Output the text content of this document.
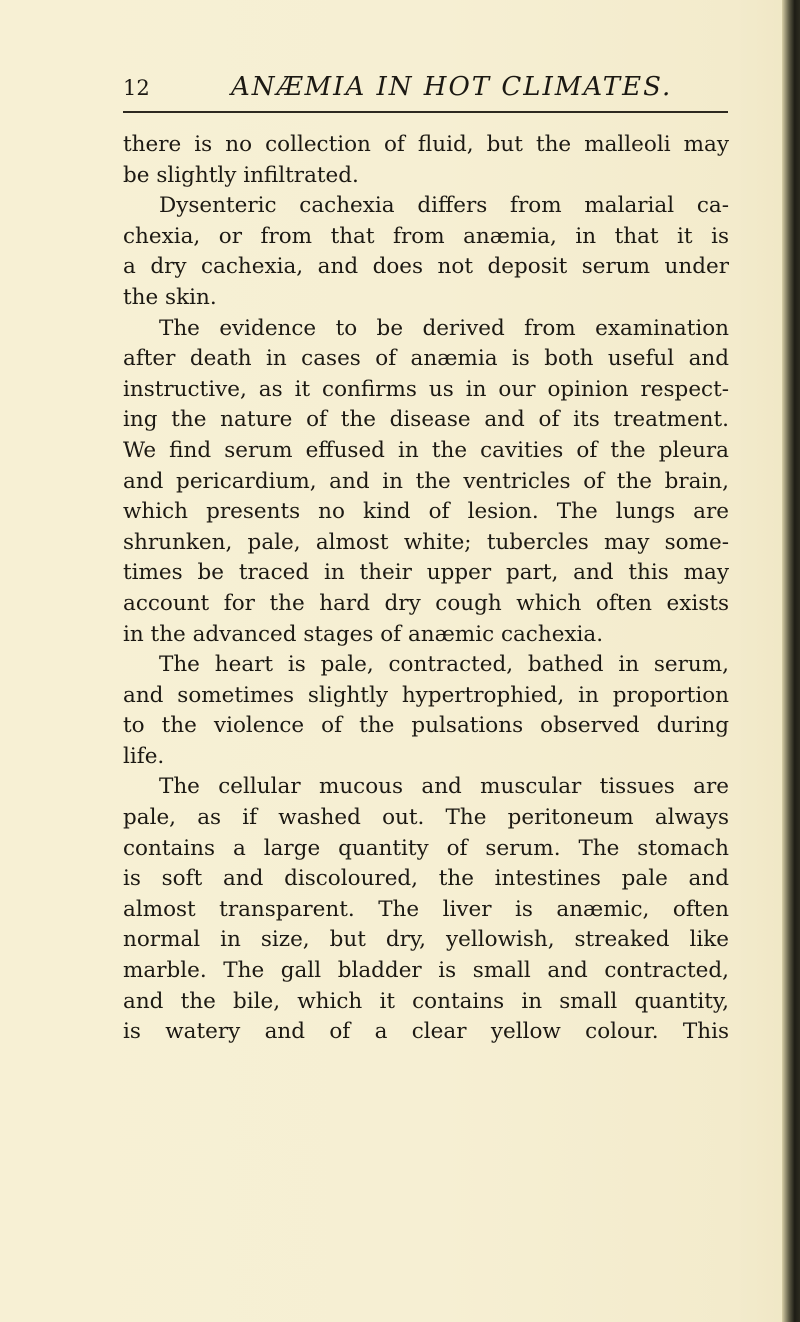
12	ANÆMIA IN HOT CLIMATES.
there is no collection of fluid, but the malleoli may
be slightly infiltrated.
Dysenteric cachexia differs from malarial ca-
chexia, or from that from anæmia, in that it is
a dry cachexia, and does not deposit serum under
the skin.
The evidence to be derived from examination
after death in cases of anæmia is both useful and
instructive, as it confirms us in our opinion respect-
ing the nature of the disease and of its treatment.
We find serum effused in the cavities of the pleura
and pericardium, and in the ventricles of the brain,
which presents no kind of lesion. The lungs are
shrunken, pale, almost white; tubercles may some-
times be traced in their upper part, and this may
account for the hard dry cough which often exists
in the advanced stages of anæmic cachexia.
The heart is pale, contracted, bathed in serum,
and sometimes slightly hypertrophied, in proportion
to the violence of the pulsations observed during
life.
The cellular mucous and muscular tissues are
pale, as if washed out. The peritoneum always
contains a large quantity of serum. The stomach
is soft and discoloured, the intestines pale and
almost transparent. The liver is anæmic, often
normal in size, but dry, yellowish, streaked like
marble. The gall bladder is small and contracted,
and the bile, which it contains in small quantity,
is watery and of a clear yellow colour. This
